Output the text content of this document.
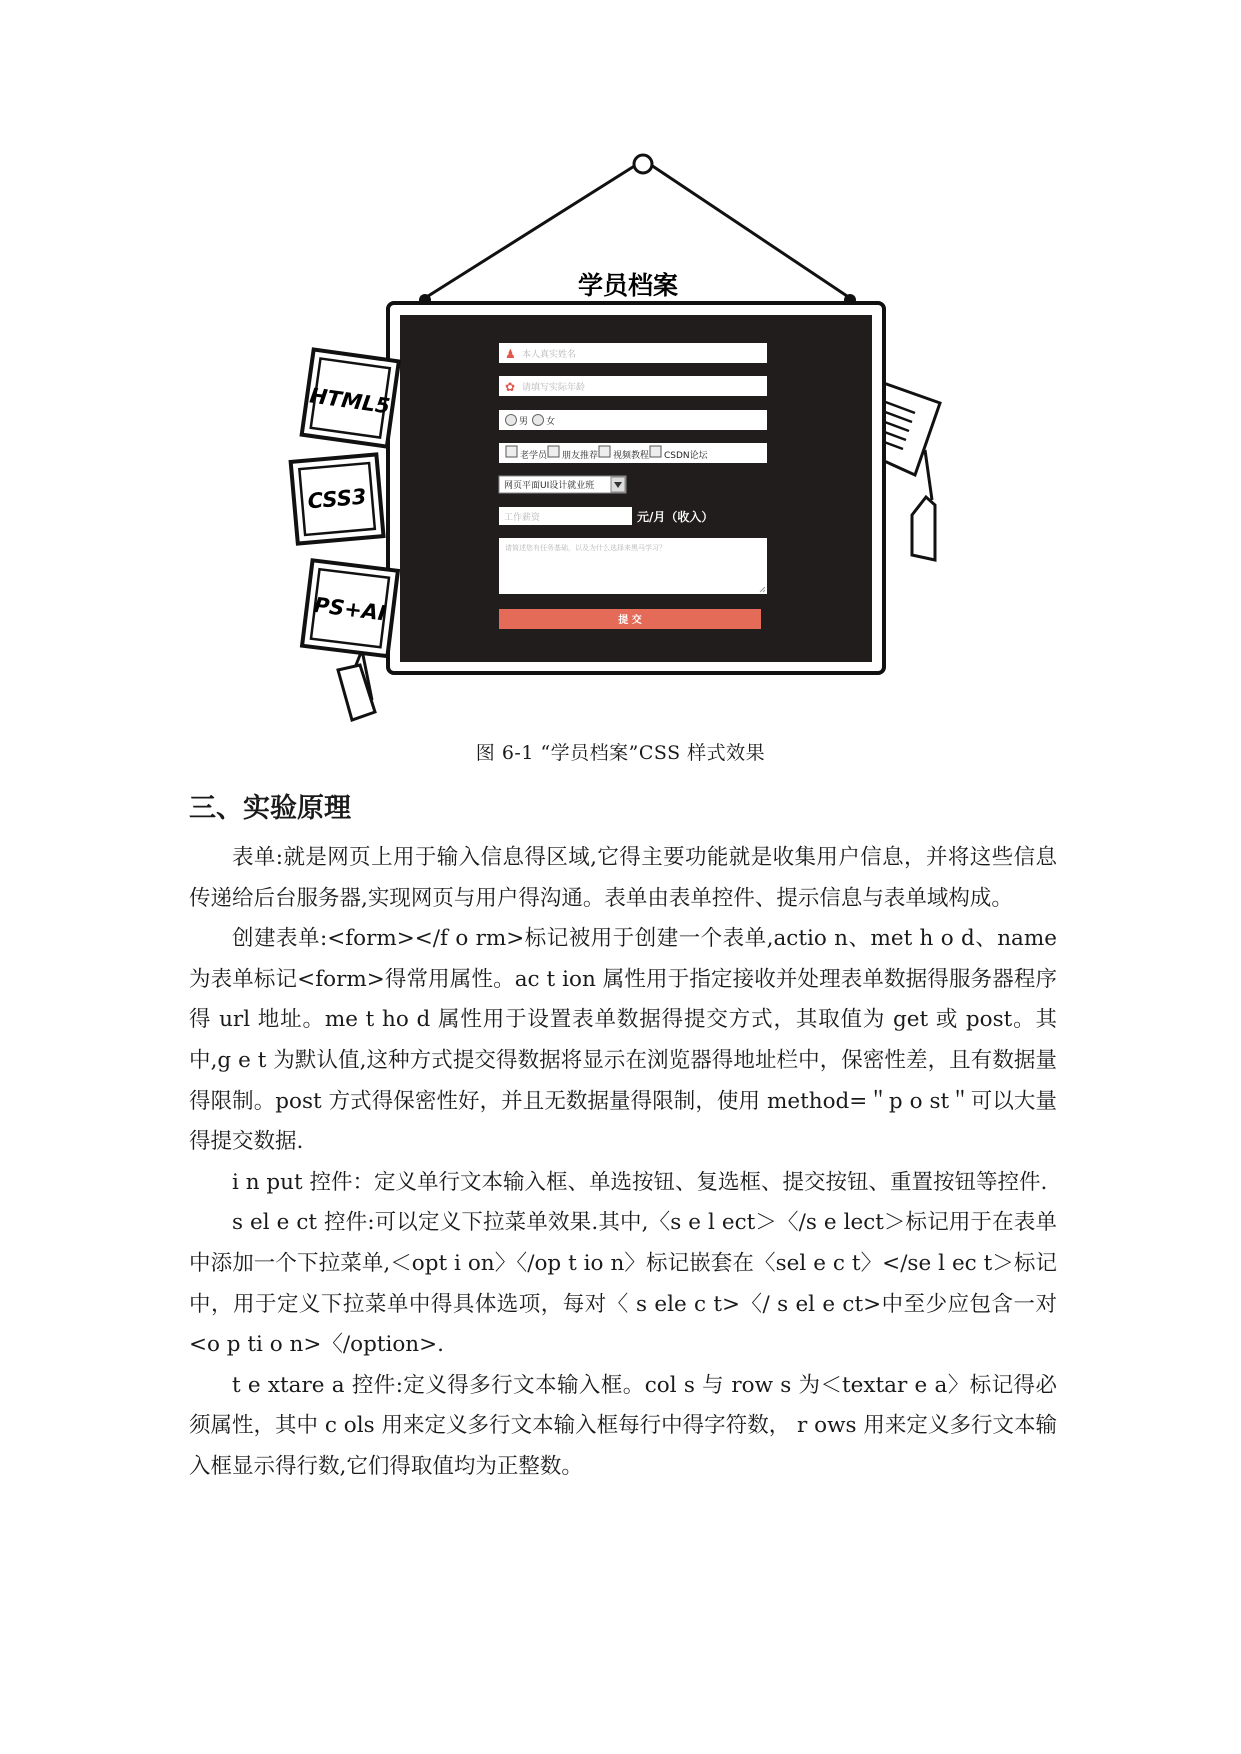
学员档案
♟ 本人真实姓名
✿ 请填写实际年龄
男 女
老学员 朋友推荐 视频教程 CSDN论坛
网页平面UI设计就业班
工作薪资	元/月（收入）
请简述您有任务基础，以及为什么选择来黑马学习？
提 交
HTML5
CSS3
PS+AI
图 6-1 “学员档案”CSS 样式效果
三、实验原理

表单:就是网页上用于输入信息得区域,它得主要功能就是收集用户信息，并将这些信息传递给后台服务器,实现网页与用户得沟通。表单由表单控件、提示信息与表单域构成。

创建表单:<form></f o rm>标记被用于创建一个表单,actio n、met h o d、name 为表单标记<form>得常用属性。ac t ion 属性用于指定接收并处理表单数据得服务器程序得 url 地址。me t ho d 属性用于设置表单数据得提交方式，其取值为 get 或 post。其中,g e t 为默认值,这种方式提交得数据将显示在浏览器得地址栏中，保密性差，且有数据量得限制。post 方式得保密性好，并且无数据量得限制，使用 method=＂p o st＂可以大量得提交数据.

i n put 控件：定义单行文本输入框、单选按钮、复选框、提交按钮、重置按钮等控件.

s el e ct 控件:可以定义下拉菜单效果.其中,〈s e l ect＞〈/s e lect＞标记用于在表单中添加一个下拉菜单,＜opt i on〉〈/op t io n〉标记嵌套在〈sel e c t〉</se l ec t＞标记中，用于定义下拉菜单中得具体选项，每对〈 s ele c t>〈/ s el e ct>中至少应包含一对<o p ti o n>〈/option>.

t e xtare a 控件:定义得多行文本输入框。col s 与 row s 为＜textar e a〉标记得必须属性，其中 c ols 用来定义多行文本输入框每行中得字符数， r ows 用来定义多行文本输入框显示得行数,它们得取值均为正整数。
